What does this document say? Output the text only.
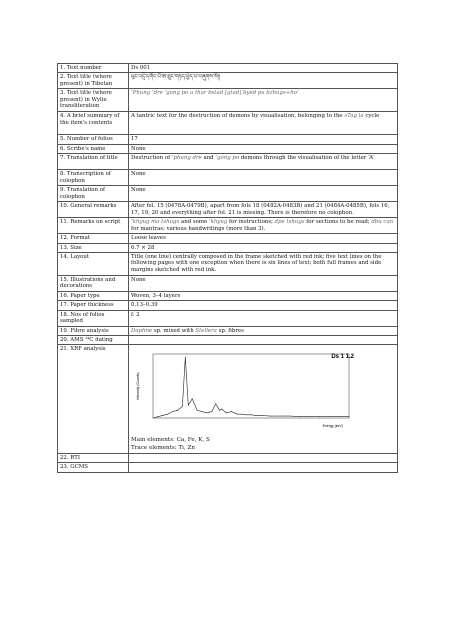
1. Text number	Ds 001
2. Text title (where present) in Tibetan	ཕུང་འདྲེ་དགོང་པོ་ཨ་ཐུང་གཏད་ཕྱེད་པ་བཞུགས་སོ།།
3. Text title (where present) in Wylie transliteration	’Phung ’dre ’gong po a thar bstad [gtad] byed pa bzhugs+ho’
4. A brief summary of the item's contents	A tantric text for the destruction of demons by visualisation, belonging to the sTag la cycle
5. Number of folios	17
6. Scribe's name	None
7. Translation of title	Destruction of ’phung dre and ’gong po demons through the visualisation of the letter ‘A’
8. Transcription of colophon	None
9. Translation of colophon	None
10. General remarks	After fol. 15 (0478A-0479B), apart from fols 18 (0482A-0483B) and 21 (0484A-0485B), fols 16, 17, 19, 20 and everything after fol. 21 is missing. There is therefore no colophon.
11. Remarks on script	’khyug ma tshugs and some ’khyug for instructions; dpe tshugs for sections to be read; dbu can for mantras; various handwritings (more than 3).
12. Format	Loose leaves
13. Size	6.7 × 28
14. Layout	Title (one line) centrally composed in the frame sketched with red ink; five text lines on the following pages with one exception when there is six lines of text; both full frames and side margins sketched with red ink.
15. Illustrations and decorations	None
16. Paper type	Woven, 3–4 layers
17. Paper thickness	0.13–0.39
18. Nos of folios sampled	f. 2
19. Fibre analysis	Daphne sp. mixed with Stellera sp. fibres
20. AMS ¹⁴C dating	
21. XRF analysis	Ds 1 1.2
Intensity (Counts)
Energy (keV)
Main elements: Ca, Fe, K, S
Trace elements: Ti, Zn

22. RTI	
23. GCMS	
